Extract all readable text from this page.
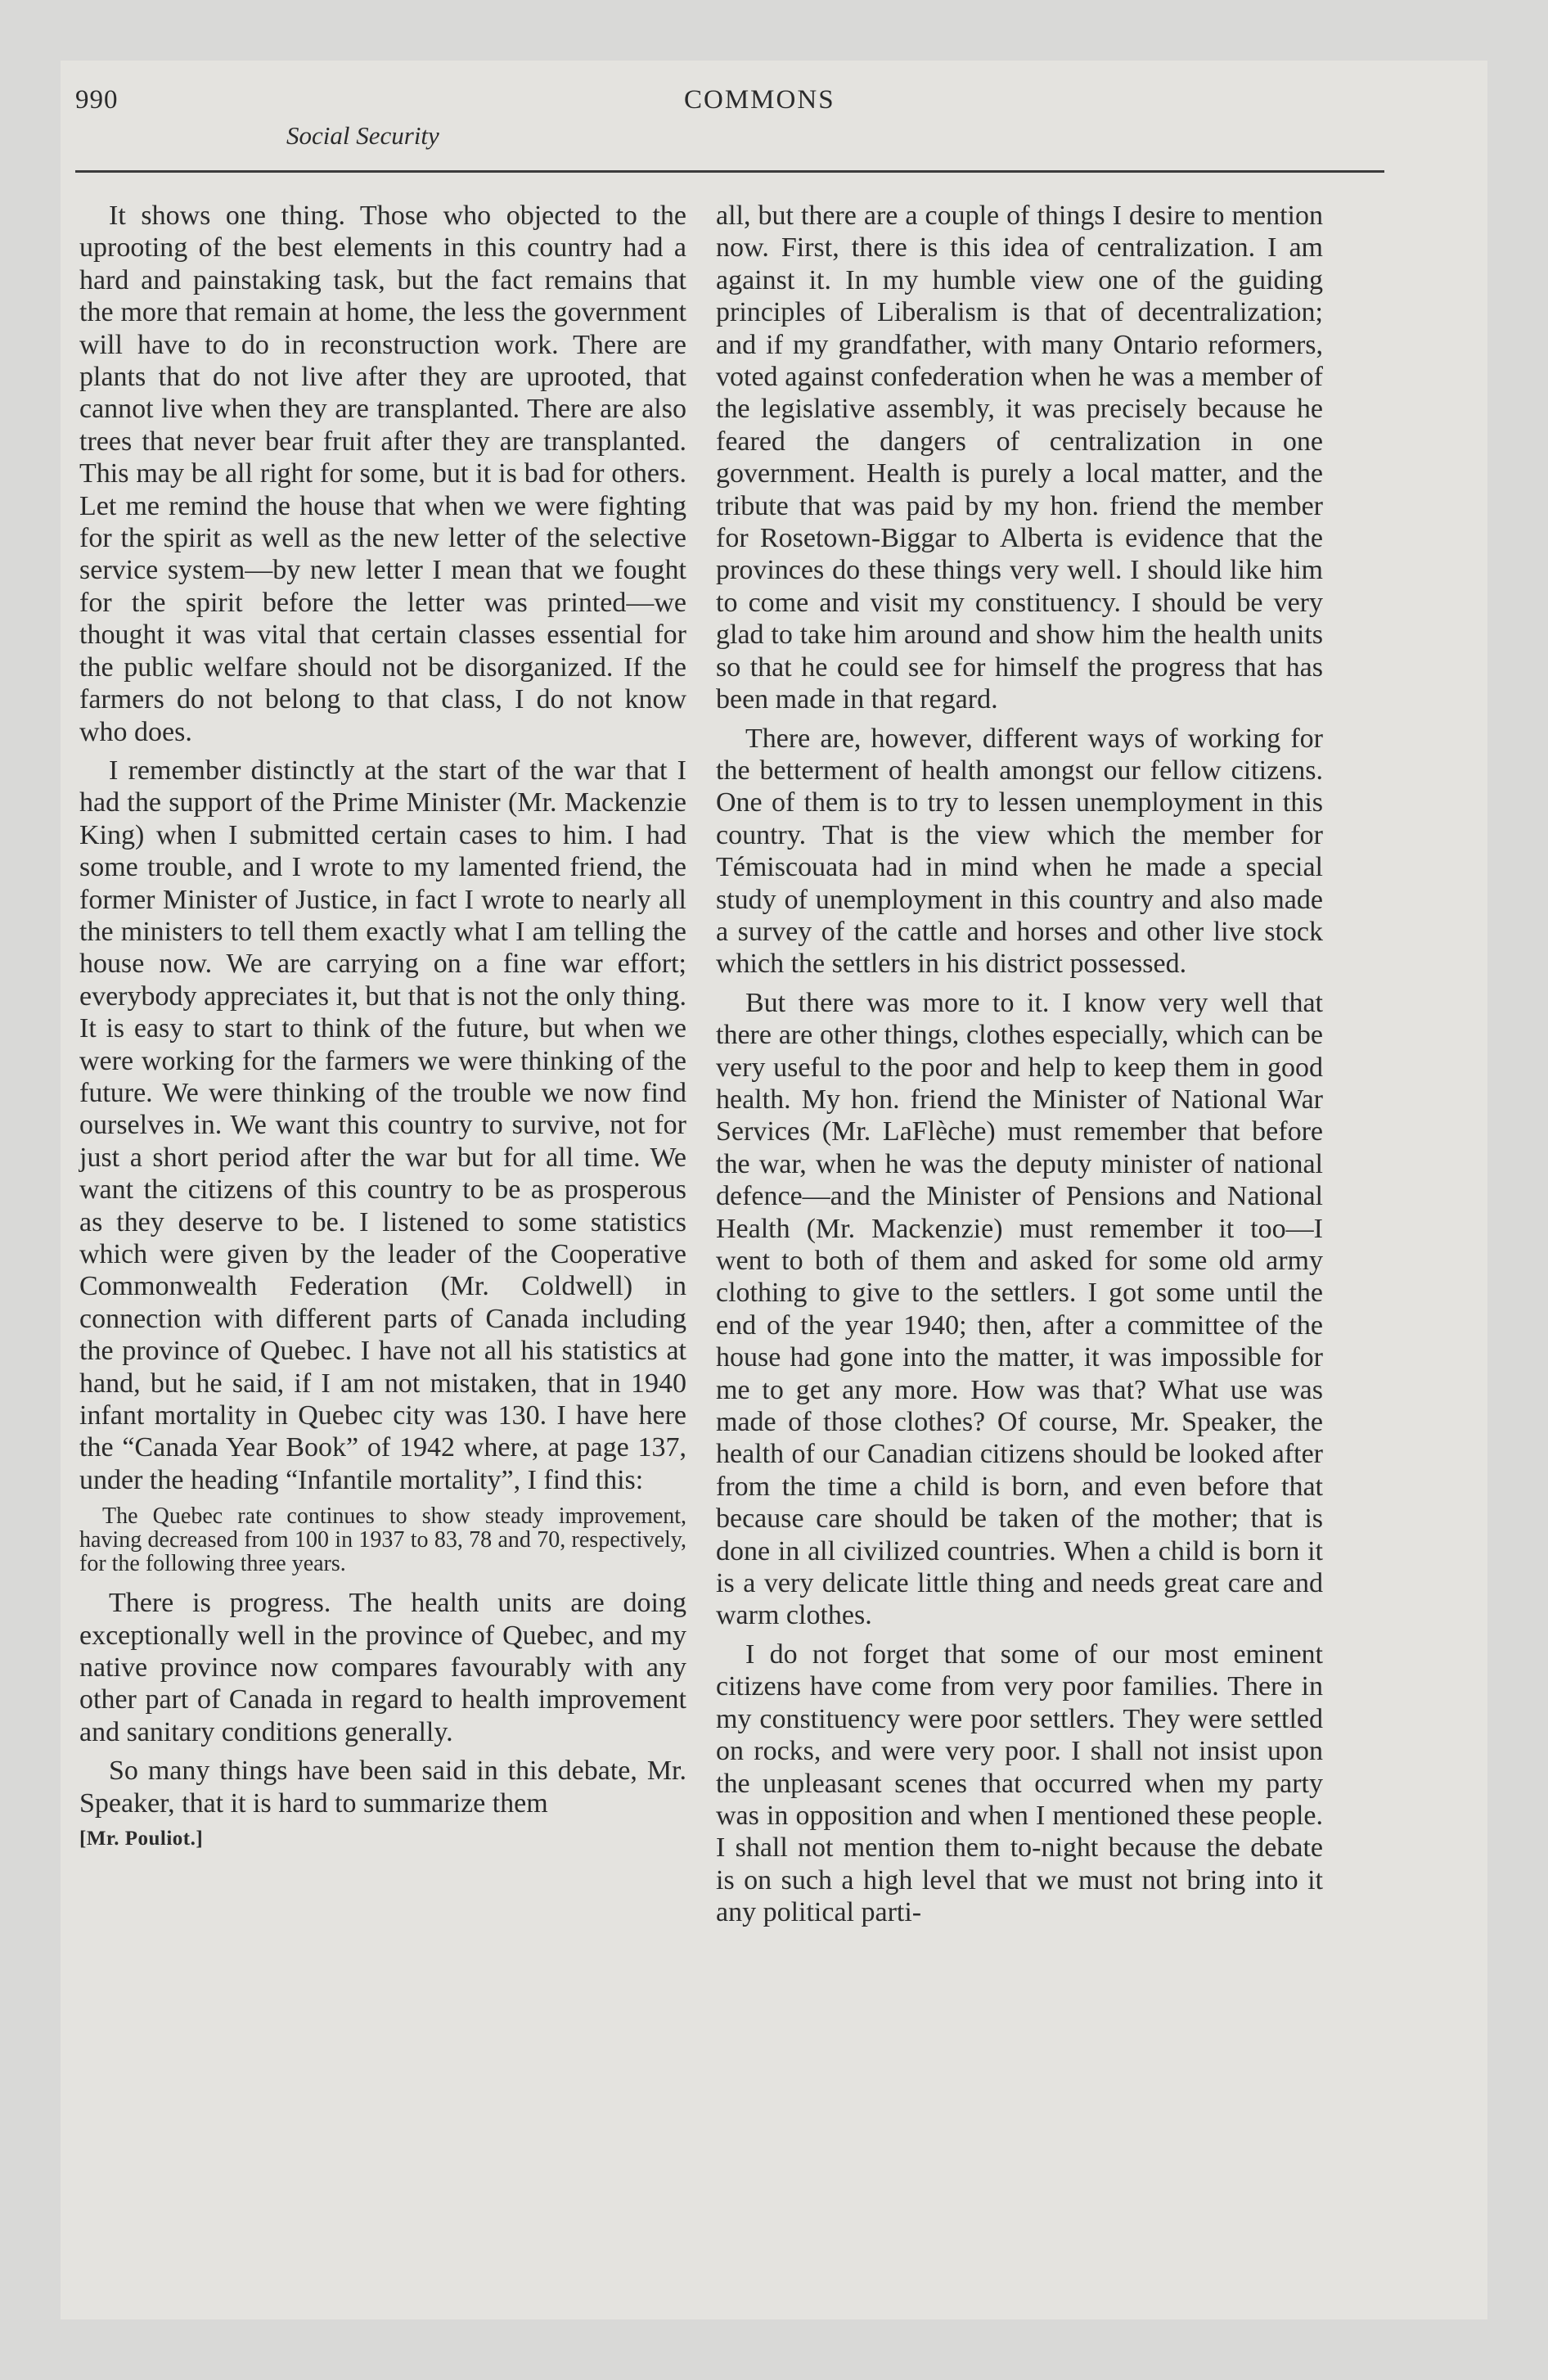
990	COMMONS
Social Security

It shows one thing. Those who objected to the uprooting of the best elements in this country had a hard and painstaking task, but the fact remains that the more that remain at home, the less the government will have to do in reconstruction work. There are plants that do not live after they are uprooted, that cannot live when they are transplanted. There are also trees that never bear fruit after they are transplanted. This may be all right for some, but it is bad for others. Let me remind the house that when we were fighting for the spirit as well as the new letter of the selective service system—by new letter I mean that we fought for the spirit before the letter was printed—we thought it was vital that certain classes essential for the public welfare should not be disorganized. If the farmers do not belong to that class, I do not know who does.

I remember distinctly at the start of the war that I had the support of the Prime Minister (Mr. Mackenzie King) when I submitted certain cases to him. I had some trouble, and I wrote to my lamented friend, the former Minister of Justice, in fact I wrote to nearly all the ministers to tell them exactly what I am telling the house now. We are carrying on a fine war effort; everybody appreciates it, but that is not the only thing. It is easy to start to think of the future, but when we were working for the farmers we were thinking of the future. We were thinking of the trouble we now find ourselves in. We want this country to survive, not for just a short period after the war but for all time. We want the citizens of this country to be as prosperous as they deserve to be. I listened to some statistics which were given by the leader of the Cooperative Commonwealth Federation (Mr. Coldwell) in connection with different parts of Canada including the province of Quebec. I have not all his statistics at hand, but he said, if I am not mistaken, that in 1940 infant mortality in Quebec city was 130. I have here the “Canada Year Book” of 1942 where, at page 137, under the heading “Infantile mortality”, I find this:

The Quebec rate continues to show steady improvement, having decreased from 100 in 1937 to 83, 78 and 70, respectively, for the following three years.

There is progress. The health units are doing exceptionally well in the province of Quebec, and my native province now compares favourably with any other part of Canada in regard to health improvement and sanitary conditions generally.

So many things have been said in this debate, Mr. Speaker, that it is hard to summarize them

[Mr. Pouliot.]

all, but there are a couple of things I desire to mention now. First, there is this idea of centralization. I am against it. In my humble view one of the guiding principles of Liberalism is that of decentralization; and if my grandfather, with many Ontario reformers, voted against confederation when he was a member of the legislative assembly, it was precisely because he feared the dangers of centralization in one government. Health is purely a local matter, and the tribute that was paid by my hon. friend the member for Rosetown-Biggar to Alberta is evidence that the provinces do these things very well. I should like him to come and visit my constituency. I should be very glad to take him around and show him the health units so that he could see for himself the progress that has been made in that regard.

There are, however, different ways of working for the betterment of health amongst our fellow citizens. One of them is to try to lessen unemployment in this country. That is the view which the member for Témiscouata had in mind when he made a special study of unemployment in this country and also made a survey of the cattle and horses and other live stock which the settlers in his district possessed.

But there was more to it. I know very well that there are other things, clothes especially, which can be very useful to the poor and help to keep them in good health. My hon. friend the Minister of National War Services (Mr. LaFlèche) must remember that before the war, when he was the deputy minister of national defence—and the Minister of Pensions and National Health (Mr. Mackenzie) must remember it too—I went to both of them and asked for some old army clothing to give to the settlers. I got some until the end of the year 1940; then, after a committee of the house had gone into the matter, it was impossible for me to get any more. How was that? What use was made of those clothes? Of course, Mr. Speaker, the health of our Canadian citizens should be looked after from the time a child is born, and even before that because care should be taken of the mother; that is done in all civilized countries. When a child is born it is a very delicate little thing and needs great care and warm clothes.

I do not forget that some of our most eminent citizens have come from very poor families. There in my constituency were poor settlers. They were settled on rocks, and were very poor. I shall not insist upon the unpleasant scenes that occurred when my party was in opposition and when I mentioned these people. I shall not mention them to-night because the debate is on such a high level that we must not bring into it any political parti-
